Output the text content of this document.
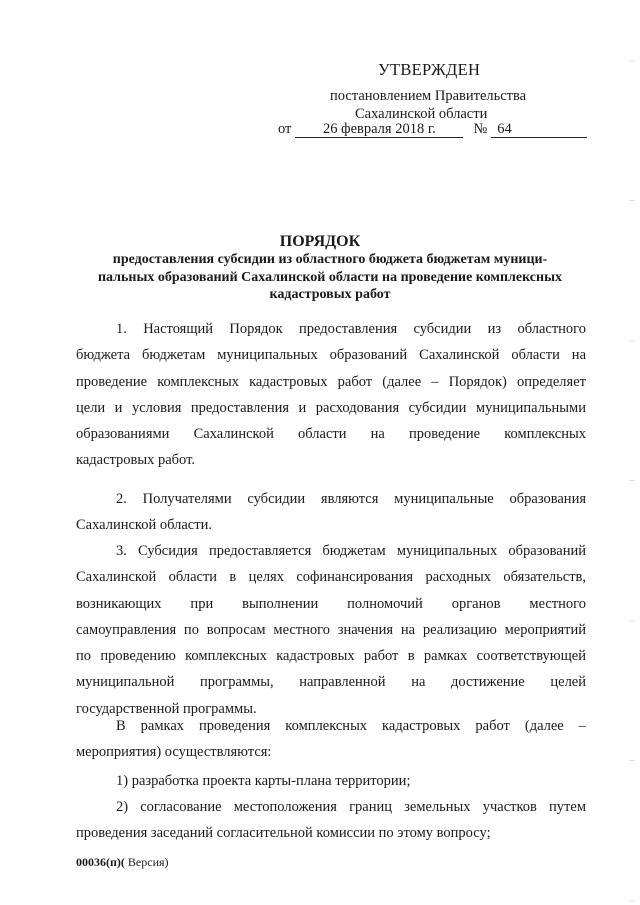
УТВЕРЖДЕН
постановлением Правительства
Сахалинской области
от 26 февраля 2018 г.	№ 64
ПОРЯДОК
предоставления субсидии из областного бюджета бюджетам муници-
пальных образований Сахалинской области на проведение комплексных
кадастровых работ
1. Настоящий Порядок предоставления субсидии из областного
бюджета бюджетам муниципальных образований Сахалинской области на
проведение комплексных кадастровых работ (далее – Порядок) определяет
цели и условия предоставления и расходования субсидии муниципальными
образованиями Сахалинской области на проведение комплексных
кадастровых работ.
2. Получателями субсидии являются муниципальные образования
Сахалинской области.
3. Субсидия предоставляется бюджетам муниципальных образований
Сахалинской области в целях софинансирования расходных обязательств,
возникающих при выполнении полномочий органов местного
самоуправления по вопросам местного значения на реализацию мероприятий
по проведению комплексных кадастровых работ в рамках соответствующей
муниципальной программы, направленной на достижение целей
государственной программы.
В рамках проведения комплексных кадастровых работ (далее –
мероприятия) осуществляются:
1) разработка проекта карты-плана территории;
2) согласование местоположения границ земельных участков путем
проведения заседаний согласительной комиссии по этому вопросу;
00036(п)( Версия)
